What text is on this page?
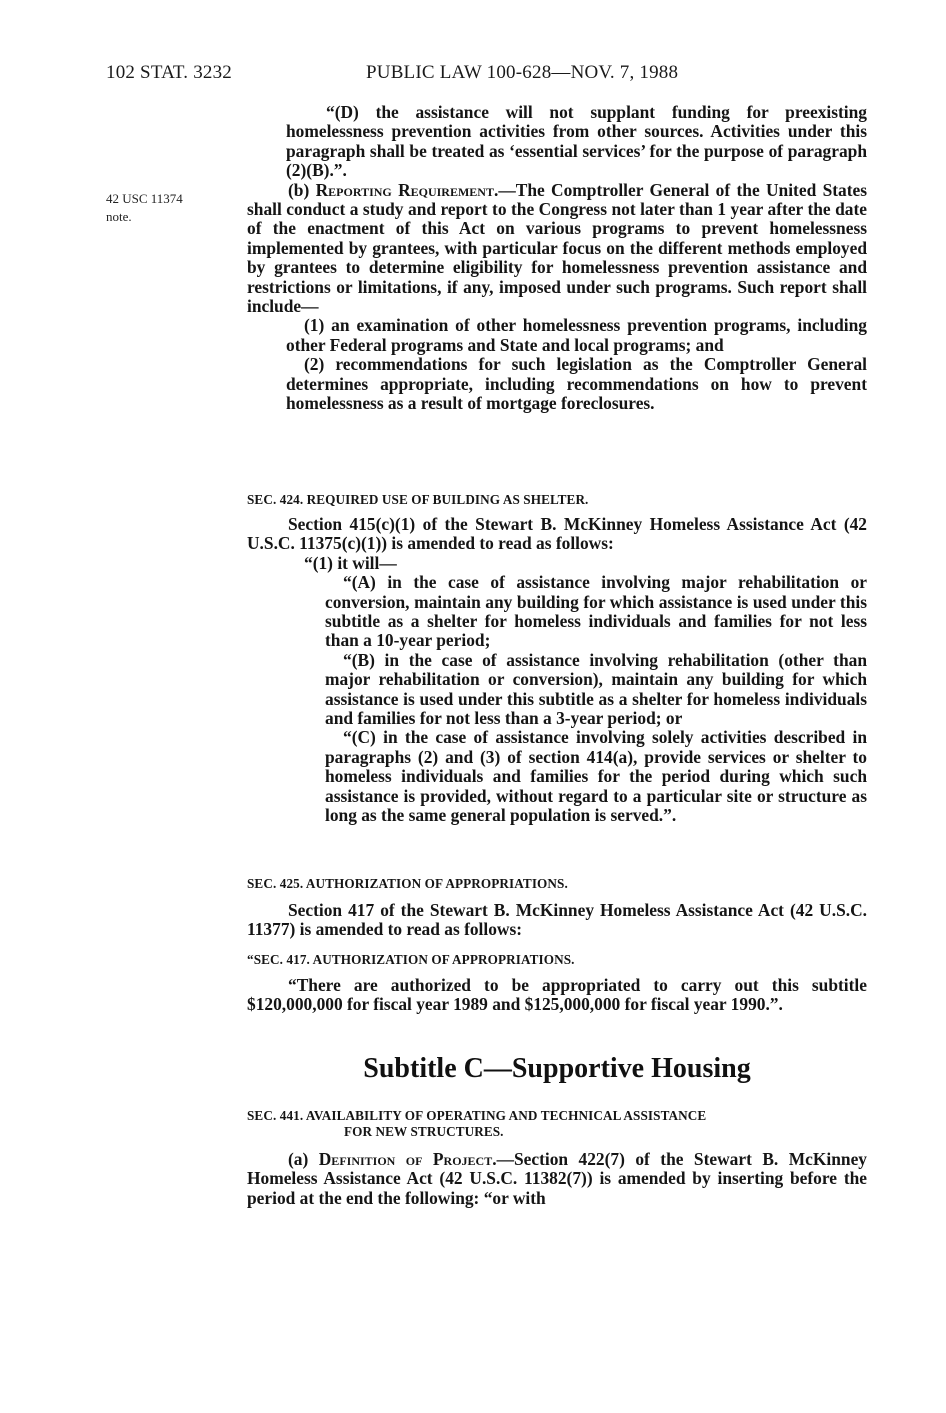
102 STAT. 3232	PUBLIC LAW 100-628—NOV. 7, 1988
42 USC 11374
note.

“(D) the assistance will not supplant funding for preexisting homelessness prevention activities from other sources. Activities under this paragraph shall be treated as ‘essential services’ for the purpose of paragraph (2)(B).”.

(b) Reporting Requirement.—The Comptroller General of the United States shall conduct a study and report to the Congress not later than 1 year after the date of the enactment of this Act on various programs to prevent homelessness implemented by grantees, with particular focus on the different methods employed by grantees to determine eligibility for homelessness prevention assistance and restrictions or limitations, if any, imposed under such programs. Such report shall include—

(1) an examination of other homelessness prevention programs, including other Federal programs and State and local programs; and

(2) recommendations for such legislation as the Comptroller General determines appropriate, including recommendations on how to prevent homelessness as a result of mortgage foreclosures.

SEC. 424. REQUIRED USE OF BUILDING AS SHELTER.

Section 415(c)(1) of the Stewart B. McKinney Homeless Assistance Act (42 U.S.C. 11375(c)(1)) is amended to read as follows:

“(1) it will—

“(A) in the case of assistance involving major rehabilitation or conversion, maintain any building for which assistance is used under this subtitle as a shelter for homeless individuals and families for not less than a 10-year period;

“(B) in the case of assistance involving rehabilitation (other than major rehabilitation or conversion), maintain any building for which assistance is used under this subtitle as a shelter for homeless individuals and families for not less than a 3-year period; or

“(C) in the case of assistance involving solely activities described in paragraphs (2) and (3) of section 414(a), provide services or shelter to homeless individuals and families for the period during which such assistance is provided, without regard to a particular site or structure as long as the same general population is served.”.

SEC. 425. AUTHORIZATION OF APPROPRIATIONS.

Section 417 of the Stewart B. McKinney Homeless Assistance Act (42 U.S.C. 11377) is amended to read as follows:

“SEC. 417. AUTHORIZATION OF APPROPRIATIONS.

“There are authorized to be appropriated to carry out this subtitle $120,000,000 for fiscal year 1989 and $125,000,000 for fiscal year 1990.”.

Subtitle C—Supportive Housing

SEC. 441. AVAILABILITY OF OPERATING AND TECHNICAL ASSISTANCE

FOR NEW STRUCTURES.

(a) Definition of Project.—Section 422(7) of the Stewart B. McKinney Homeless Assistance Act (42 U.S.C. 11382(7)) is amended by inserting before the period at the end the following: “or with
